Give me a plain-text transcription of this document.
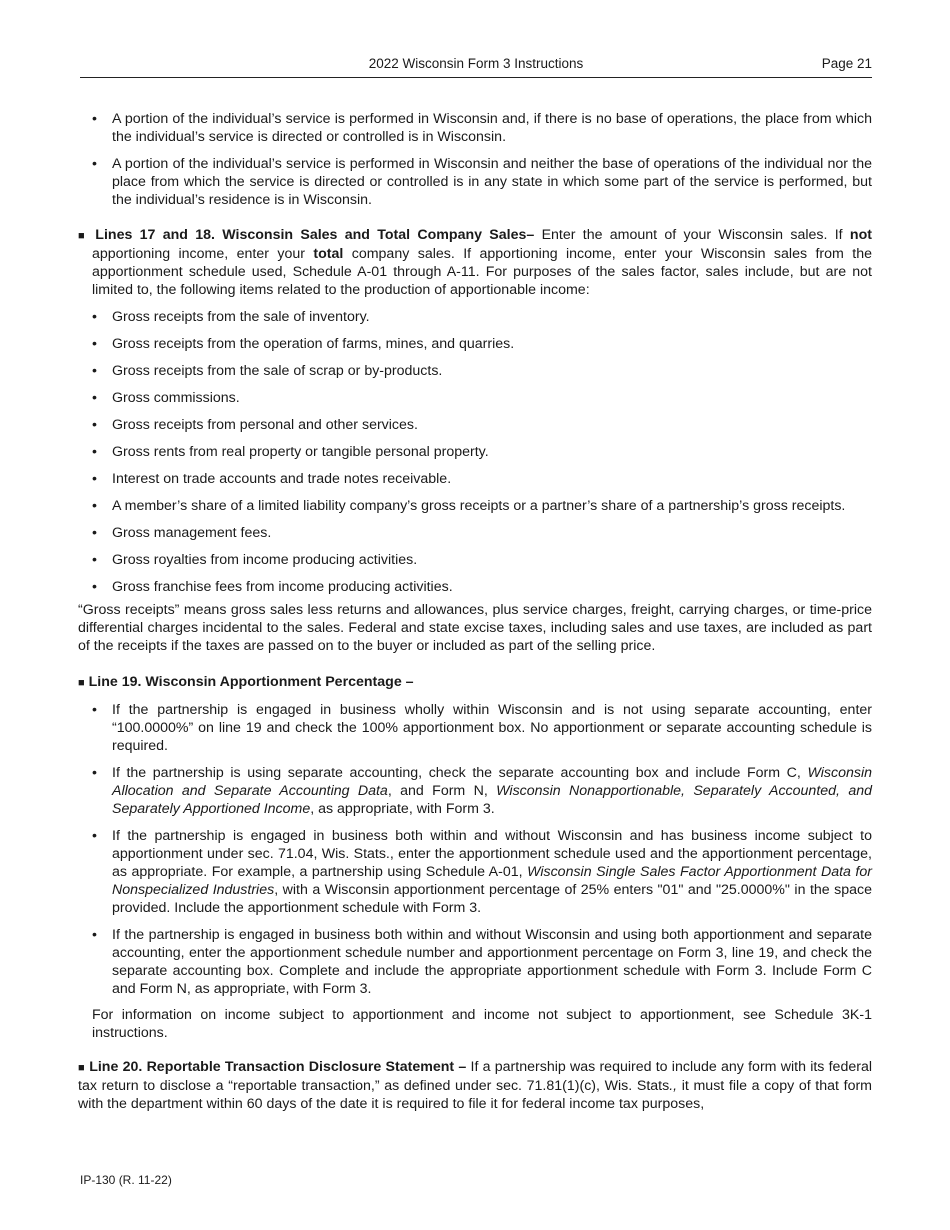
2022 Wisconsin Form 3 Instructions	Page 21
• A portion of the individual’s service is performed in Wisconsin and, if there is no base of operations, the place from which the individual’s service is directed or controlled is in Wisconsin.
• A portion of the individual’s service is performed in Wisconsin and neither the base of operations of the individual nor the place from which the service is directed or controlled is in any state in which some part of the service is performed, but the individual’s residence is in Wisconsin.

■ Lines 17 and 18. Wisconsin Sales and Total Company Sales– Enter the amount of your Wisconsin sales. If not apportioning income, enter your total company sales. If apportioning income, enter your Wisconsin sales from the apportionment schedule used, Schedule A-01 through A-11. For purposes of the sales factor, sales include, but are not limited to, the following items related to the production of apportionable income:

• Gross receipts from the sale of inventory.
• Gross receipts from the operation of farms, mines, and quarries.
• Gross receipts from the sale of scrap or by-products.
• Gross commissions.
• Gross receipts from personal and other services.
• Gross rents from real property or tangible personal property.
• Interest on trade accounts and trade notes receivable.
• A member’s share of a limited liability company’s gross receipts or a partner’s share of a partnership’s gross receipts.
• Gross management fees.
• Gross royalties from income producing activities.
• Gross franchise fees from income producing activities.

“Gross receipts” means gross sales less returns and allowances, plus service charges, freight, carrying charges, or time-price differential charges incidental to the sales. Federal and state excise taxes, including sales and use taxes, are included as part of the receipts if the taxes are passed on to the buyer or included as part of the selling price.

■ Line 19. Wisconsin Apportionment Percentage –

• If the partnership is engaged in business wholly within Wisconsin and is not using separate accounting, enter “100.0000%” on line 19 and check the 100% apportionment box. No apportionment or separate accounting schedule is required.
• If the partnership is using separate accounting, check the separate accounting box and include Form C, Wisconsin Allocation and Separate Accounting Data, and Form N, Wisconsin Nonapportionable, Separately Accounted, and Separately Apportioned Income, as appropriate, with Form 3.
• If the partnership is engaged in business both within and without Wisconsin and has business income subject to apportionment under sec. 71.04, Wis. Stats., enter the apportionment schedule used and the apportionment percentage, as appropriate. For example, a partnership using Schedule A-01, Wisconsin Single Sales Factor Apportionment Data for Nonspecialized Industries, with a Wisconsin apportionment percentage of 25% enters "01" and "25.0000%" in the space provided. Include the apportionment schedule with Form 3.
• If the partnership is engaged in business both within and without Wisconsin and using both apportionment and separate accounting, enter the apportionment schedule number and apportionment percentage on Form 3, line 19, and check the separate accounting box. Complete and include the appropriate apportionment schedule with Form 3. Include Form C and Form N, as appropriate, with Form 3.

For information on income subject to apportionment and income not subject to apportionment, see Schedule 3K-1 instructions.

■ Line 20. Reportable Transaction Disclosure Statement – If a partnership was required to include any form with its federal tax return to disclose a “reportable transaction,” as defined under sec. 71.81(1)(c), Wis. Stats., it must file a copy of that form with the department within 60 days of the date it is required to file it for federal income tax purposes,

IP-130 (R. 11-22)
